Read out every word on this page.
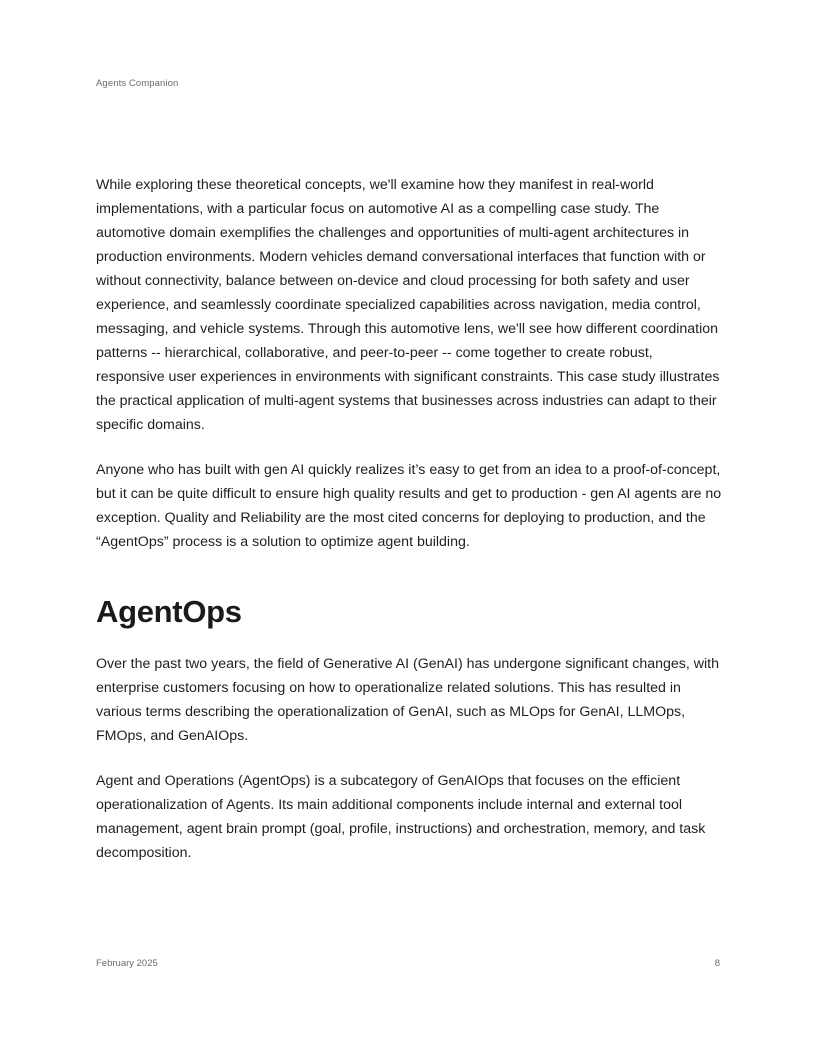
Agents Companion

While exploring these theoretical concepts, we'll examine how they manifest in real-world implementations, with a particular focus on automotive AI as a compelling case study. The automotive domain exemplifies the challenges and opportunities of multi-agent architectures in production environments. Modern vehicles demand conversational interfaces that function with or without connectivity, balance between on-device and cloud processing for both safety and user experience, and seamlessly coordinate specialized capabilities across navigation, media control, messaging, and vehicle systems. Through this automotive lens, we'll see how different coordination patterns -- hierarchical, collaborative, and peer-to-peer -- come together to create robust, responsive user experiences in environments with significant constraints. This case study illustrates the practical application of multi-agent systems that businesses across industries can adapt to their specific domains.

Anyone who has built with gen AI quickly realizes it’s easy to get from an idea to a proof-of-concept, but it can be quite difficult to ensure high quality results and get to production - gen AI agents are no exception. Quality and Reliability are the most cited concerns for deploying to production, and the “AgentOps” process is a solution to optimize agent building.

AgentOps

Over the past two years, the field of Generative AI (GenAI) has undergone significant changes, with enterprise customers focusing on how to operationalize related solutions. This has resulted in various terms describing the operationalization of GenAI, such as MLOps for GenAI, LLMOps, FMOps, and GenAIOps.

Agent and Operations (AgentOps) is a subcategory of GenAIOps that focuses on the efficient operationalization of Agents. Its main additional components include internal and external tool management, agent brain prompt (goal, profile, instructions) and orchestration, memory, and task decomposition.

February 2025	8
